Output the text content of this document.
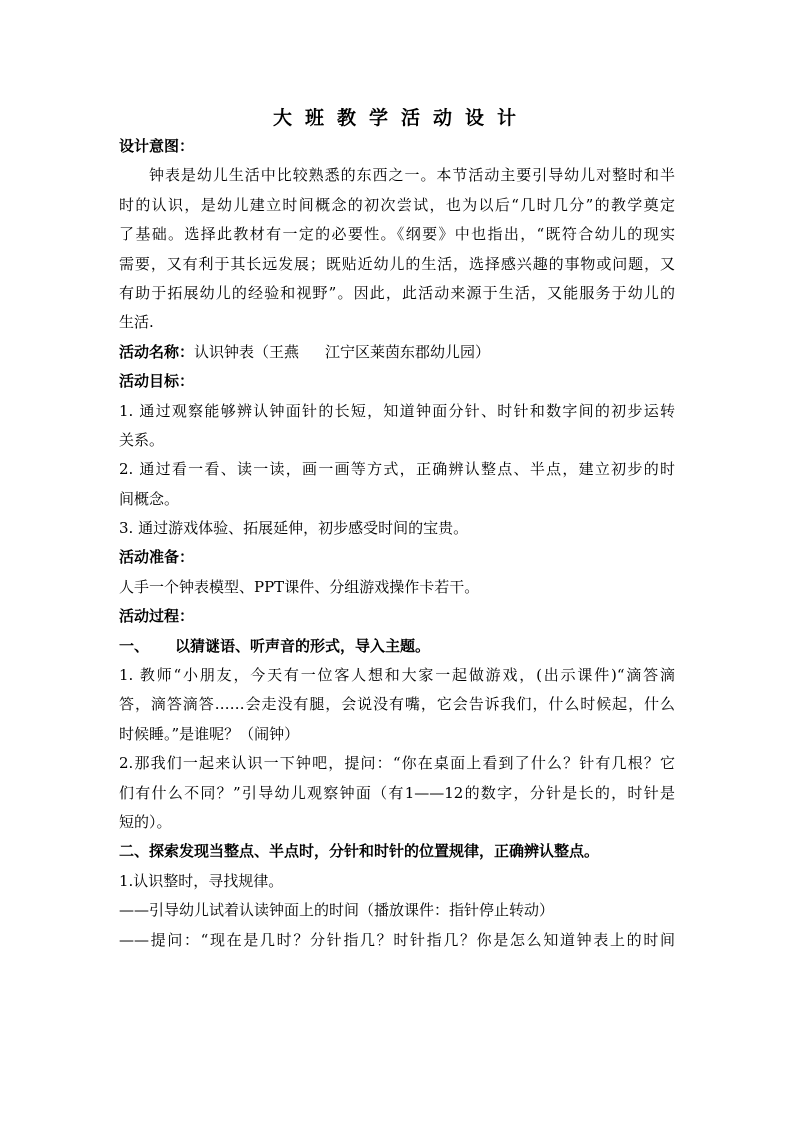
大班教学活动设计
设计意图：
钟表是幼儿生活中比较熟悉的东西之一。本节活动主要引导幼儿对整时和半
时的认识，是幼儿建立时间概念的初次尝试，也为以后“几时几分”的教学奠定
了基础。选择此教材有一定的必要性。《纲要》中也指出，“既符合幼儿的现实
需要，又有利于其长远发展；既贴近幼儿的生活，选择感兴趣的事物或问题，又
有助于拓展幼儿的经验和视野”。因此，此活动来源于生活，又能服务于幼儿的
生活.
活动名称：认识钟表（王燕 江宁区莱茵东郡幼儿园）
活动目标：
1. 通过观察能够辨认钟面针的长短，知道钟面分针、时针和数字间的初步运转
关系。
2. 通过看一看、读一读，画一画等方式，正确辨认整点、半点，建立初步的时
间概念。
3. 通过游戏体验、拓展延伸，初步感受时间的宝贵。
活动准备：
人手一个钟表模型、PPT课件、分组游戏操作卡若干。
活动过程：
一、 以猜谜语、听声音的形式，导入主题。
1. 教师“小朋友，今天有一位客人想和大家一起做游戏，(出示课件)“滴答滴
答，滴答滴答……会走没有腿，会说没有嘴，它会告诉我们，什么时候起，什么
时候睡。”是谁呢？（闹钟）
2.那我们一起来认识一下钟吧，提问：“你在桌面上看到了什么？针有几根？它
们有什么不同？”引导幼儿观察钟面（有1——12的数字，分针是长的，时针是
短的）。
二、探索发现当整点、半点时，分针和时针的位置规律，正确辨认整点。
1.认识整时，寻找规律。
——引导幼儿试着认读钟面上的时间（播放课件：指针停止转动）
——提问：“现在是几时？分针指几？时针指几？你是怎么知道钟表上的时间
